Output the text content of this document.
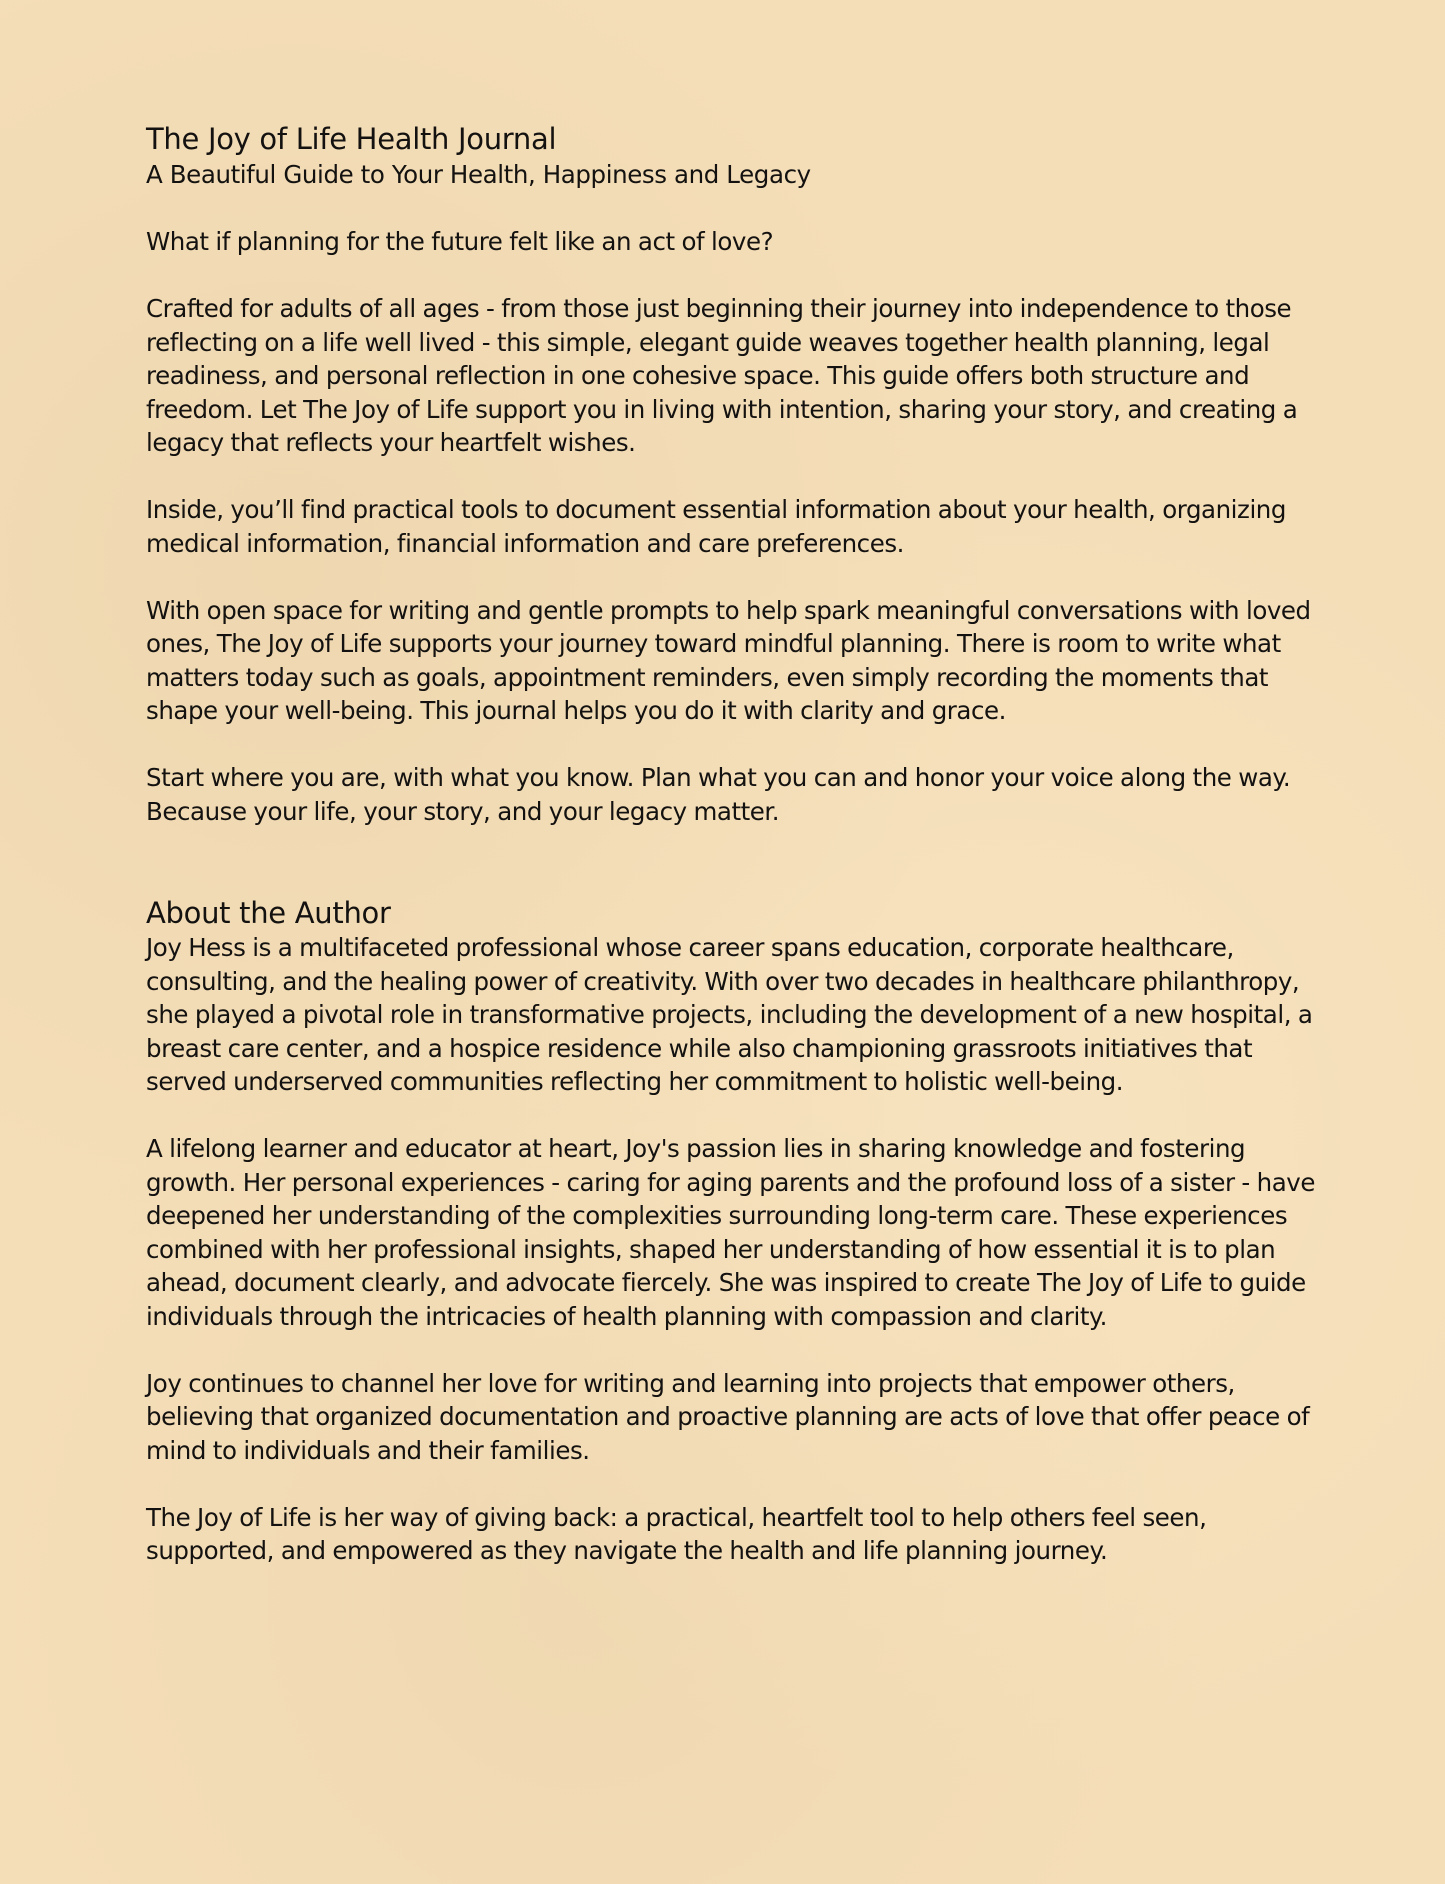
The Joy of Life Health Journal
A Beautiful Guide to Your Health, Happiness and Legacy

What if planning for the future felt like an act of love?

Crafted for adults of all ages - from those just beginning their journey into independence to those reflecting on a life well lived - this simple, elegant guide weaves together health planning, legal readiness, and personal reflection in one cohesive space. This guide offers both structure and freedom. Let The Joy of Life support you in living with intention, sharing your story, and creating a legacy that reflects your heartfelt wishes.

Inside, you’ll find practical tools to document essential information about your health, organizing medical information, financial information and care preferences.

With open space for writing and gentle prompts to help spark meaningful conversations with loved ones, The Joy of Life supports your journey toward mindful planning. There is room to write what matters today such as goals, appointment reminders, even simply recording the moments that shape your well-being. This journal helps you do it with clarity and grace.

Start where you are, with what you know. Plan what you can and honor your voice along the way. Because your life, your story, and your legacy matter.

About the Author

Joy Hess is a multifaceted professional whose career spans education, corporate healthcare, consulting, and the healing power of creativity. With over two decades in healthcare philanthropy, she played a pivotal role in transformative projects, including the development of a new hospital, a breast care center, and a hospice residence while also championing grassroots initiatives that served underserved communities reflecting her commitment to holistic well-being.

A lifelong learner and educator at heart, Joy's passion lies in sharing knowledge and fostering growth. Her personal experiences - caring for aging parents and the profound loss of a sister - have deepened her understanding of the complexities surrounding long-term care. These experiences combined with her professional insights, shaped her understanding of how essential it is to plan ahead, document clearly, and advocate fiercely. She was inspired to create The Joy of Life to guide individuals through the intricacies of health planning with compassion and clarity.

Joy continues to channel her love for writing and learning into projects that empower others, believing that organized documentation and proactive planning are acts of love that offer peace of mind to individuals and their families.

The Joy of Life is her way of giving back: a practical, heartfelt tool to help others feel seen, supported, and empowered as they navigate the health and life planning journey.
